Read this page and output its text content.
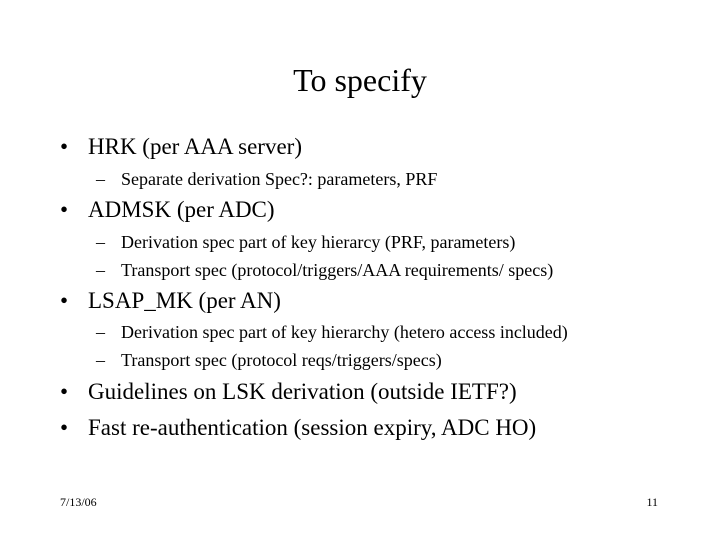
To specify
• HRK (per AAA server)
– Separate derivation Spec?: parameters, PRF
• ADMSK (per ADC)
– Derivation spec part of key hierarcy (PRF, parameters)
– Transport spec (protocol/triggers/AAA requirements/ specs)
• LSAP_MK (per AN)
– Derivation spec part of key hierarchy (hetero access included)
– Transport spec (protocol reqs/triggers/specs)
• Guidelines on LSK derivation (outside IETF?)
• Fast re-authentication (session expiry, ADC HO)
7/13/06	11
